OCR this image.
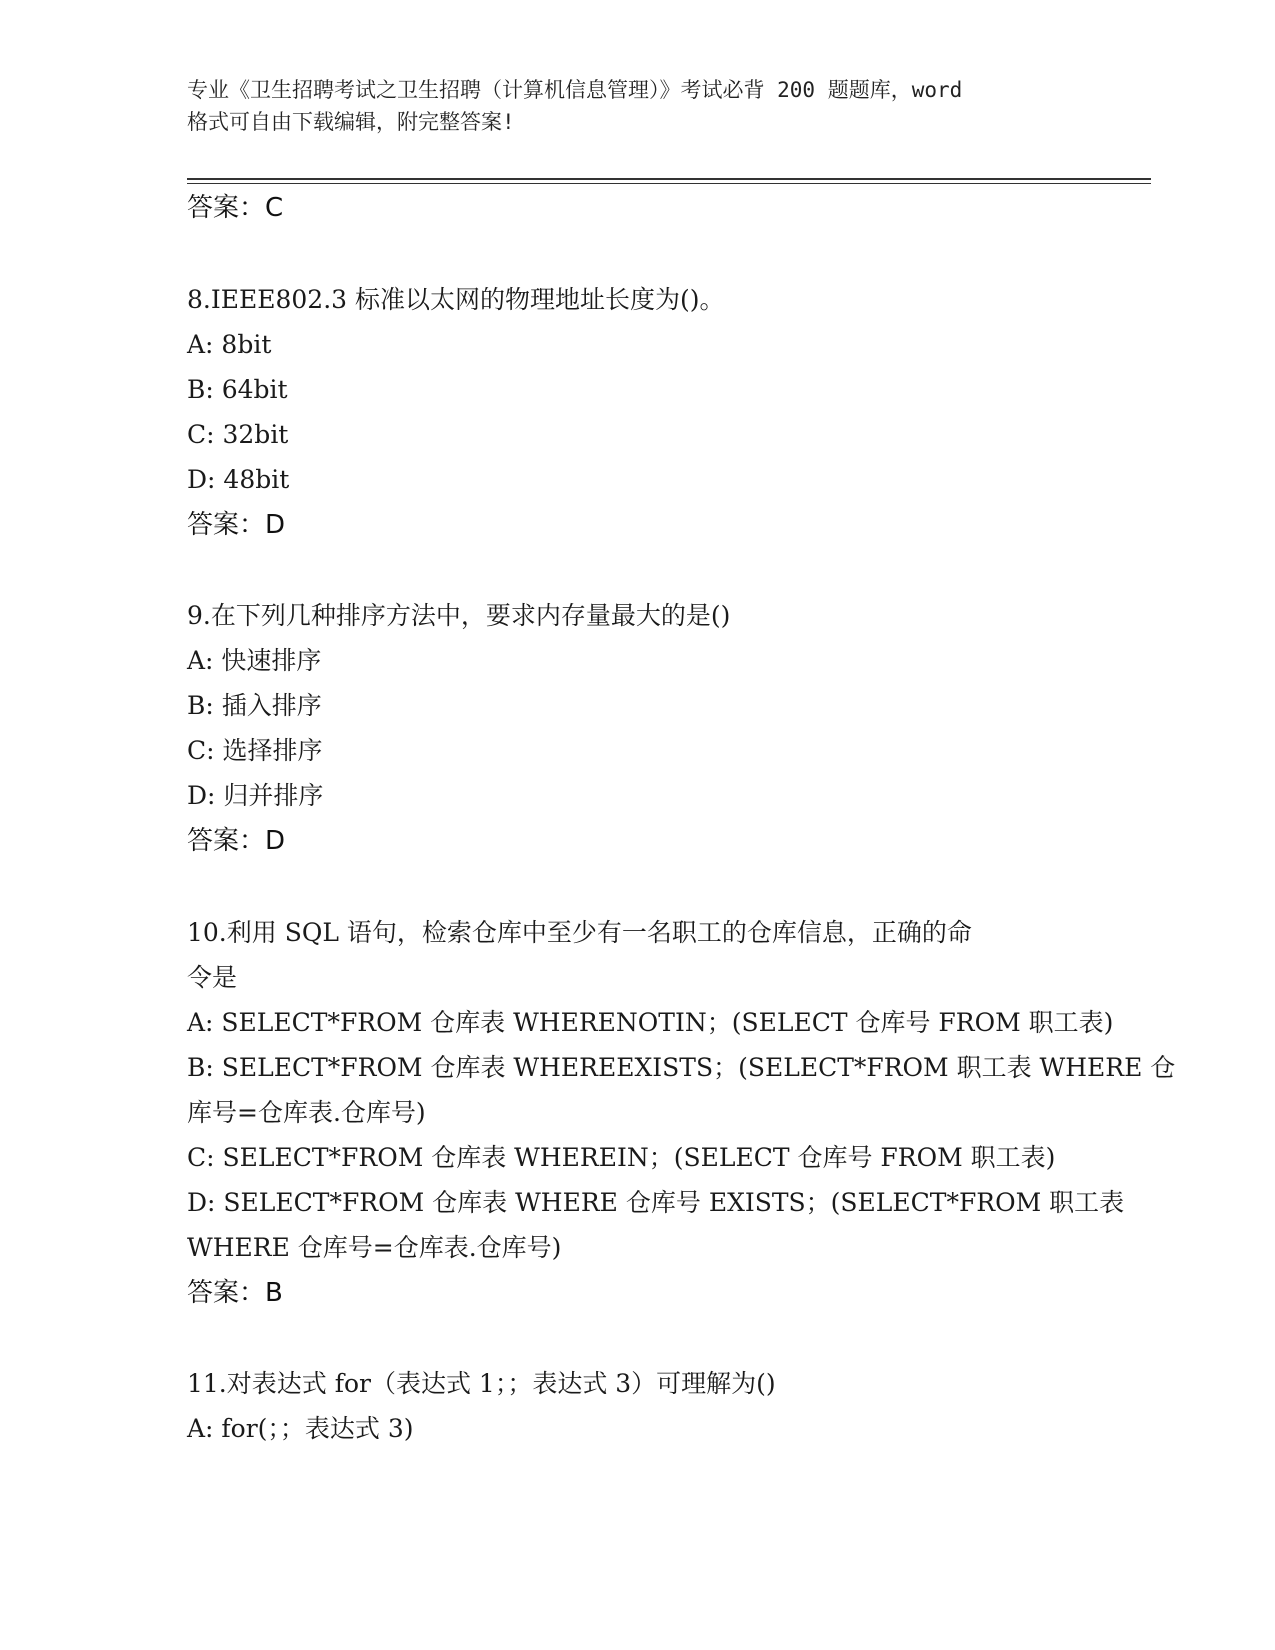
专业《卫生招聘考试之卫生招聘（计算机信息管理）》考试必背 200 题题库，word
格式可自由下载编辑，附完整答案!
答案：C
8.IEEE802.3 标准以太网的物理地址长度为()。
A: 8bit
B: 64bit
C: 32bit
D: 48bit
答案：D
9.在下列几种排序方法中，要求内存量最大的是()
A: 快速排序
B: 插入排序
C: 选择排序
D: 归并排序
答案：D
10.利用 SQL 语句，检索仓库中至少有一名职工的仓库信息，正确的命
令是
A: SELECT*FROM 仓库表 WHERENOTIN；(SELECT 仓库号 FROM 职工表)
B: SELECT*FROM 仓库表 WHEREEXISTS；(SELECT*FROM 职工表 WHERE 仓
库号=仓库表.仓库号)
C: SELECT*FROM 仓库表 WHEREIN；(SELECT 仓库号 FROM 职工表)
D: SELECT*FROM 仓库表 WHERE 仓库号 EXISTS；(SELECT*FROM 职工表
WHERE 仓库号=仓库表.仓库号)
答案：B
11.对表达式 for（表达式 1；；表达式 3）可理解为()
A: for(；；表达式 3)
